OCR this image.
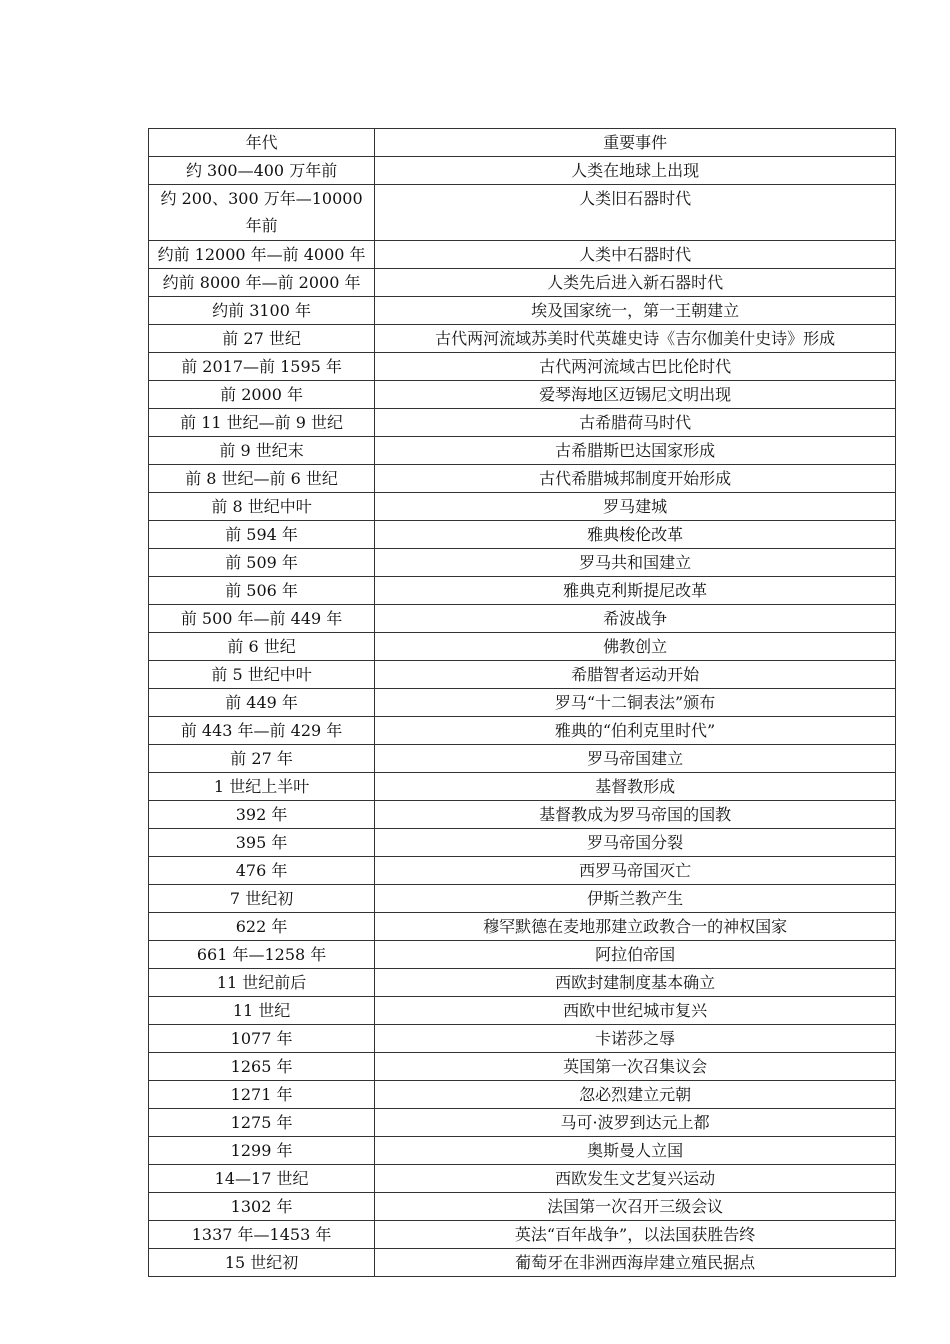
年代	重要事件
约 300—400 万年前	人类在地球上出现
约 200、300 万年—10000 年前	人类旧石器时代
约前 12000 年—前 4000 年	人类中石器时代
约前 8000 年—前 2000 年	人类先后进入新石器时代
约前 3100 年	埃及国家统一，第一王朝建立
前 27 世纪	古代两河流域苏美时代英雄史诗《吉尔伽美什史诗》形成
前 2017—前 1595 年	古代两河流域古巴比伦时代
前 2000 年	爱琴海地区迈锡尼文明出现
前 11 世纪—前 9 世纪	古希腊荷马时代
前 9 世纪末	古希腊斯巴达国家形成
前 8 世纪—前 6 世纪	古代希腊城邦制度开始形成
前 8 世纪中叶	罗马建城
前 594 年	雅典梭伦改革
前 509 年	罗马共和国建立
前 506 年	雅典克利斯提尼改革
前 500 年—前 449 年	希波战争
前 6 世纪	佛教创立
前 5 世纪中叶	希腊智者运动开始
前 449 年	罗马“十二铜表法”颁布
前 443 年—前 429 年	雅典的“伯利克里时代”
前 27 年	罗马帝国建立
1 世纪上半叶	基督教形成
392 年	基督教成为罗马帝国的国教
395 年	罗马帝国分裂
476 年	西罗马帝国灭亡
7 世纪初	伊斯兰教产生
622 年	穆罕默德在麦地那建立政教合一的神权国家
661 年—1258 年	阿拉伯帝国
11 世纪前后	西欧封建制度基本确立
11 世纪	西欧中世纪城市复兴
1077 年	卡诺莎之辱
1265 年	英国第一次召集议会
1271 年	忽必烈建立元朝
1275 年	马可·波罗到达元上都
1299 年	奥斯曼人立国
14—17 世纪	西欧发生文艺复兴运动
1302 年	法国第一次召开三级会议
1337 年—1453 年	英法“百年战争”，以法国获胜告终
15 世纪初	葡萄牙在非洲西海岸建立殖民据点
